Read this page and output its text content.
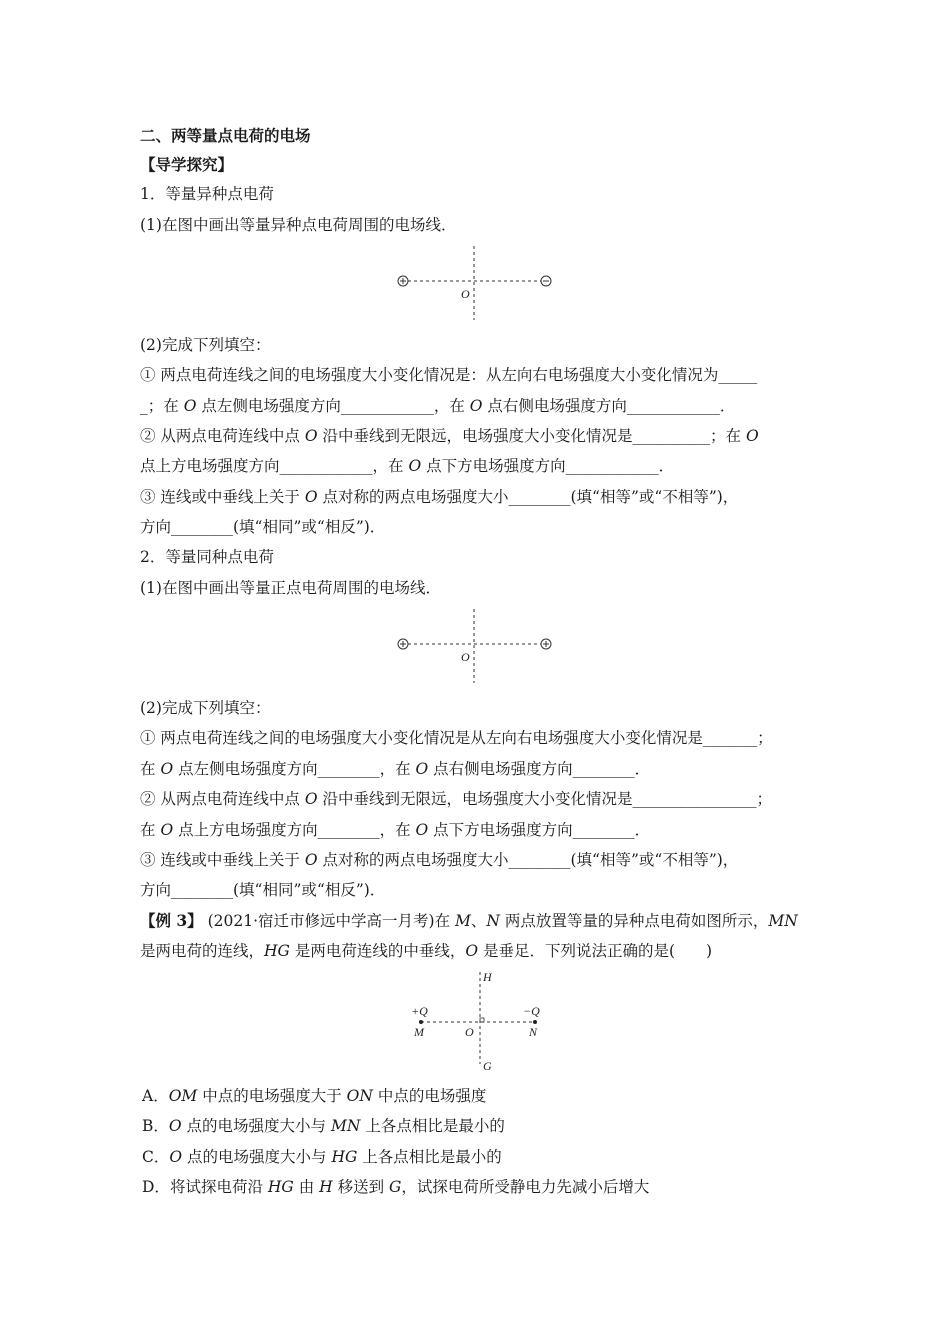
二、两等量点电荷的电场
【导学探究】
1．等量异种点电荷
(1)在图中画出等量异种点电荷周围的电场线．
O
(2)完成下列填空：
① 两点电荷连线之间的电场强度大小变化情况是：从左向右电场强度大小变化情况为_____
_；在 O 点左侧电场强度方向____________，在 O 点右侧电场强度方向____________．
② 从两点电荷连线中点 O 沿中垂线到无限远，电场强度大小变化情况是__________；在 O
点上方电场强度方向____________，在 O 点下方电场强度方向____________．
③ 连线或中垂线上关于 O 点对称的两点电场强度大小________(填“相等”或“不相等”)，
方向________(填“相同”或“相反”)．
2．等量同种点电荷
(1)在图中画出等量正点电荷周围的电场线．
O
(2)完成下列填空：
① 两点电荷连线之间的电场强度大小变化情况是从左向右电场强度大小变化情况是_______；
在 O 点左侧电场强度方向________，在 O 点右侧电场强度方向________．
② 从两点电荷连线中点 O 沿中垂线到无限远，电场强度大小变化情况是________________；
在 O 点上方电场强度方向________，在 O 点下方电场强度方向________．
③ 连线或中垂线上关于 O 点对称的两点电场强度大小________(填“相等”或“不相等”)，
方向________(填“相同”或“相反”)．
【例 3】 (2021·宿迁市修远中学高一月考)在 M、N 两点放置等量的异种点电荷如图所示，MN
是两电荷的连线，HG 是两电荷连线的中垂线，O 是垂足．下列说法正确的是(　　)
H
G
+Q	−Q
M	N
O
A．OM 中点的电场强度大于 ON 中点的电场强度
B．O 点的电场强度大小与 MN 上各点相比是最小的
C．O 点的电场强度大小与 HG 上各点相比是最小的
D．将试探电荷沿 HG 由 H 移送到 G，试探电荷所受静电力先减小后增大
